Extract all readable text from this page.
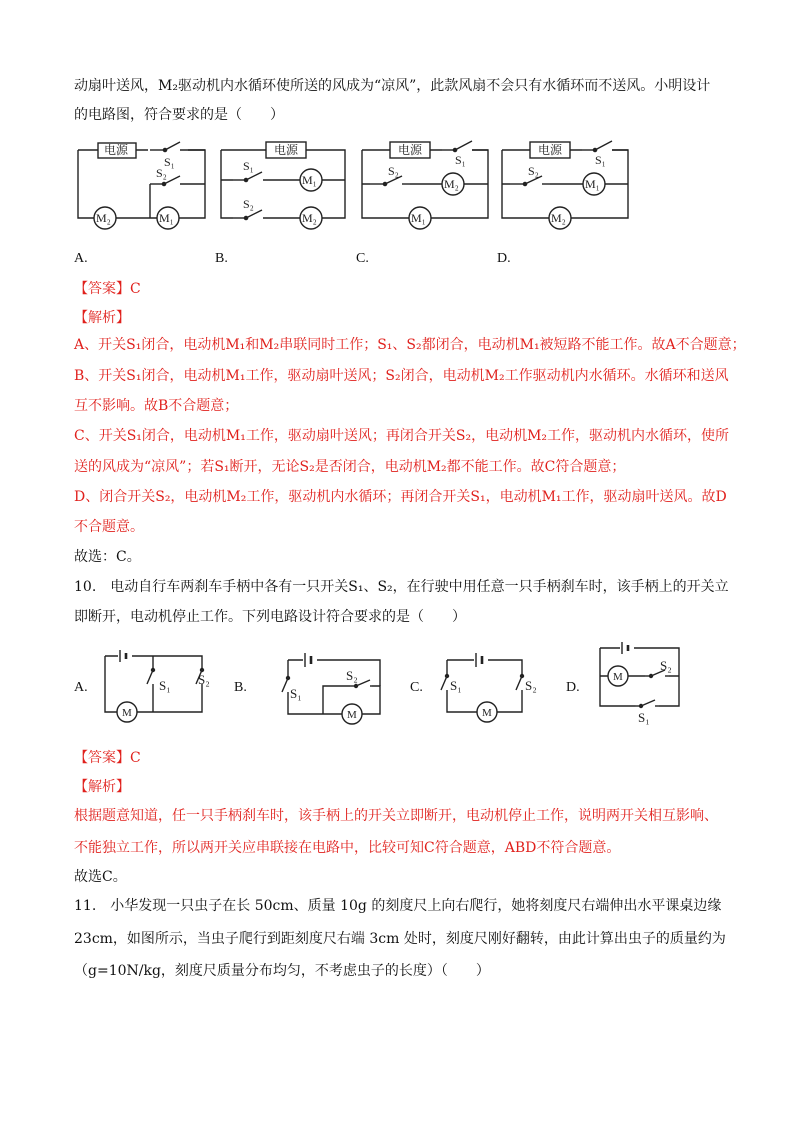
动扇叶送风，M₂驱动机内水循环使所送的风成为“凉风”，此款风扇不会只有水循环而不送风。小明设计
的电路图，符合要求的是（　　）
电源
S₁
S₂
M₂	M₁
电源
S₁
S₂
M₁
M₂
电源
S₁
S₂
M₂
M₁
电源
S₁
S₂
M₁
M₂
A.	B.	C.	D.
【答案】C
【解析】
A、开关S₁闭合，电动机M₁和M₂串联同时工作；S₁、S₂都闭合，电动机M₁被短路不能工作。故A不合题意；
B、开关S₁闭合，电动机M₁工作，驱动扇叶送风；S₂闭合，电动机M₂工作驱动机内水循环。水循环和送风
互不影响。故B不合题意；
C、开关S₁闭合，电动机M₁工作，驱动扇叶送风；再闭合开关S₂，电动机M₂工作，驱动机内水循环，使所
送的风成为“凉风”；若S₁断开，无论S₂是否闭合，电动机M₂都不能工作。故C符合题意；
D、闭合开关S₂，电动机M₂工作，驱动机内水循环；再闭合开关S₁，电动机M₁工作，驱动扇叶送风。故D
不合题意。
故选：C。
10.　电动自行车两刹车手柄中各有一只开关S₁、S₂，在行驶中用任意一只手柄刹车时，该手柄上的开关立
即断开，电动机停止工作。下列电路设计符合要求的是（　　）
S₁ S₂
M
S₁
S₂
M
S₁	S₂
M
M
S₂
S₁
A.	B.	C.	D.
【答案】C
【解析】
根据题意知道，任一只手柄刹车时，该手柄上的开关立即断开，电动机停止工作，说明两开关相互影响、
不能独立工作，所以两开关应串联接在电路中，比较可知C符合题意，ABD不符合题意。
故选C。
11.　小华发现一只虫子在长 50cm、质量 10g 的刻度尺上向右爬行，她将刻度尺右端伸出水平课桌边缘
23cm，如图所示，当虫子爬行到距刻度尺右端 3cm 处时，刻度尺刚好翻转，由此计算出虫子的质量约为
（g=10N/kg，刻度尺质量分布均匀，不考虑虫子的长度）（　　）
